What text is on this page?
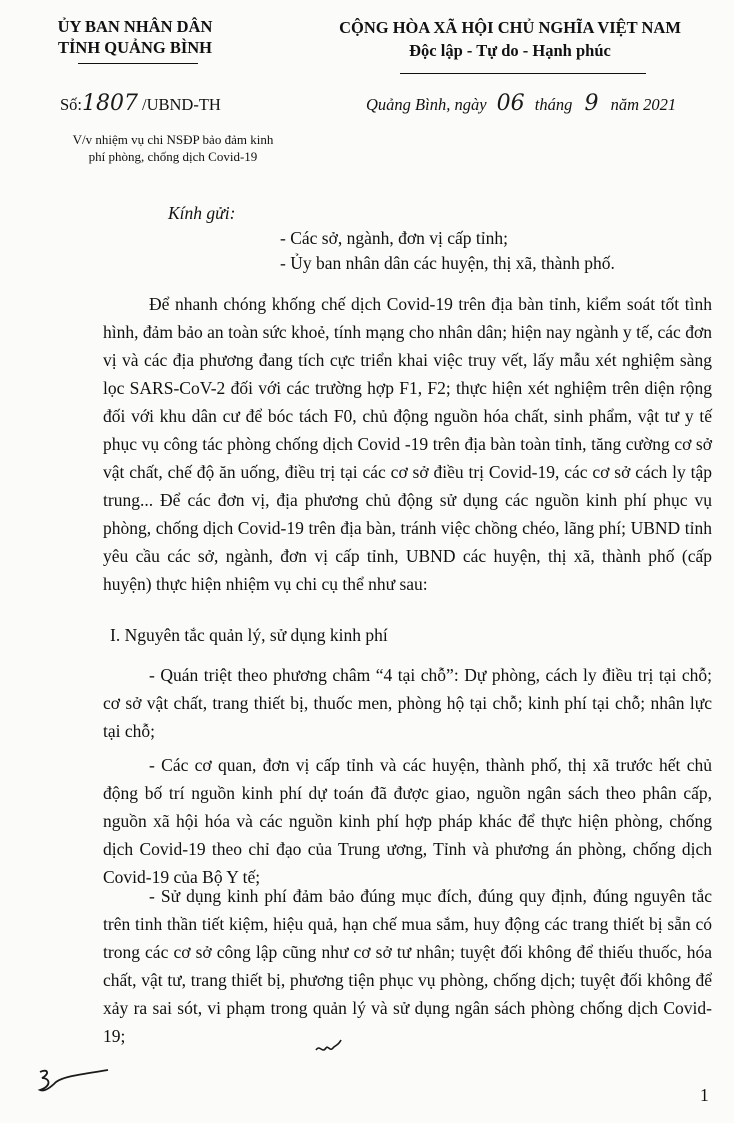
ỦY BAN NHÂN DÂN
TỈNH QUẢNG BÌNH
CỘNG HÒA XÃ HỘI CHỦ NGHĨA VIỆT NAM
Độc lập - Tự do - Hạnh phúc
Số:1807 /UBND-TH	Quảng Bình, ngày 06 tháng 9 năm 2021
V/v nhiệm vụ chi NSĐP bảo đảm kinh
phí phòng, chống dịch Covid-19
Kính gửi:
- Các sở, ngành, đơn vị cấp tỉnh;
- Ủy ban nhân dân các huyện, thị xã, thành phố.
Để nhanh chóng khống chế dịch Covid-19 trên địa bàn tỉnh, kiểm soát tốt tình hình, đảm bảo an toàn sức khoẻ, tính mạng cho nhân dân; hiện nay ngành y tế, các đơn vị và các địa phương đang tích cực triển khai việc truy vết, lấy mẫu xét nghiệm sàng lọc SARS-CoV-2 đối với các trường hợp F1, F2; thực hiện xét nghiệm trên diện rộng đối với khu dân cư để bóc tách F0, chủ động nguồn hóa chất, sinh phẩm, vật tư y tế phục vụ công tác phòng chống dịch Covid -19 trên địa bàn toàn tỉnh, tăng cường cơ sở vật chất, chế độ ăn uống, điều trị tại các cơ sở điều trị Covid-19, các cơ sở cách ly tập trung... Để các đơn vị, địa phương chủ động sử dụng các nguồn kinh phí phục vụ phòng, chống dịch Covid-19 trên địa bàn, tránh việc chồng chéo, lãng phí; UBND tỉnh yêu cầu các sở, ngành, đơn vị cấp tỉnh, UBND các huyện, thị xã, thành phố (cấp huyện) thực hiện nhiệm vụ chi cụ thể như sau:
I. Nguyên tắc quản lý, sử dụng kinh phí
- Quán triệt theo phương châm “4 tại chỗ”: Dự phòng, cách ly điều trị tại chỗ; cơ sở vật chất, trang thiết bị, thuốc men, phòng hộ tại chỗ; kinh phí tại chỗ; nhân lực tại chỗ;
- Các cơ quan, đơn vị cấp tỉnh và các huyện, thành phố, thị xã trước hết chủ động bố trí nguồn kinh phí dự toán đã được giao, nguồn ngân sách theo phân cấp, nguồn xã hội hóa và các nguồn kinh phí hợp pháp khác để thực hiện phòng, chống dịch Covid-19 theo chỉ đạo của Trung ương, Tỉnh và phương án phòng, chống dịch Covid-19 của Bộ Y tế;
- Sử dụng kinh phí đảm bảo đúng mục đích, đúng quy định, đúng nguyên tắc trên tinh thần tiết kiệm, hiệu quả, hạn chế mua sắm, huy động các trang thiết bị sẵn có trong các cơ sở công lập cũng như cơ sở tư nhân; tuyệt đối không để thiếu thuốc, hóa chất, vật tư, trang thiết bị, phương tiện phục vụ phòng, chống dịch; tuyệt đối không để xảy ra sai sót, vi phạm trong quản lý và sử dụng ngân sách phòng chống dịch Covid-19;
1
